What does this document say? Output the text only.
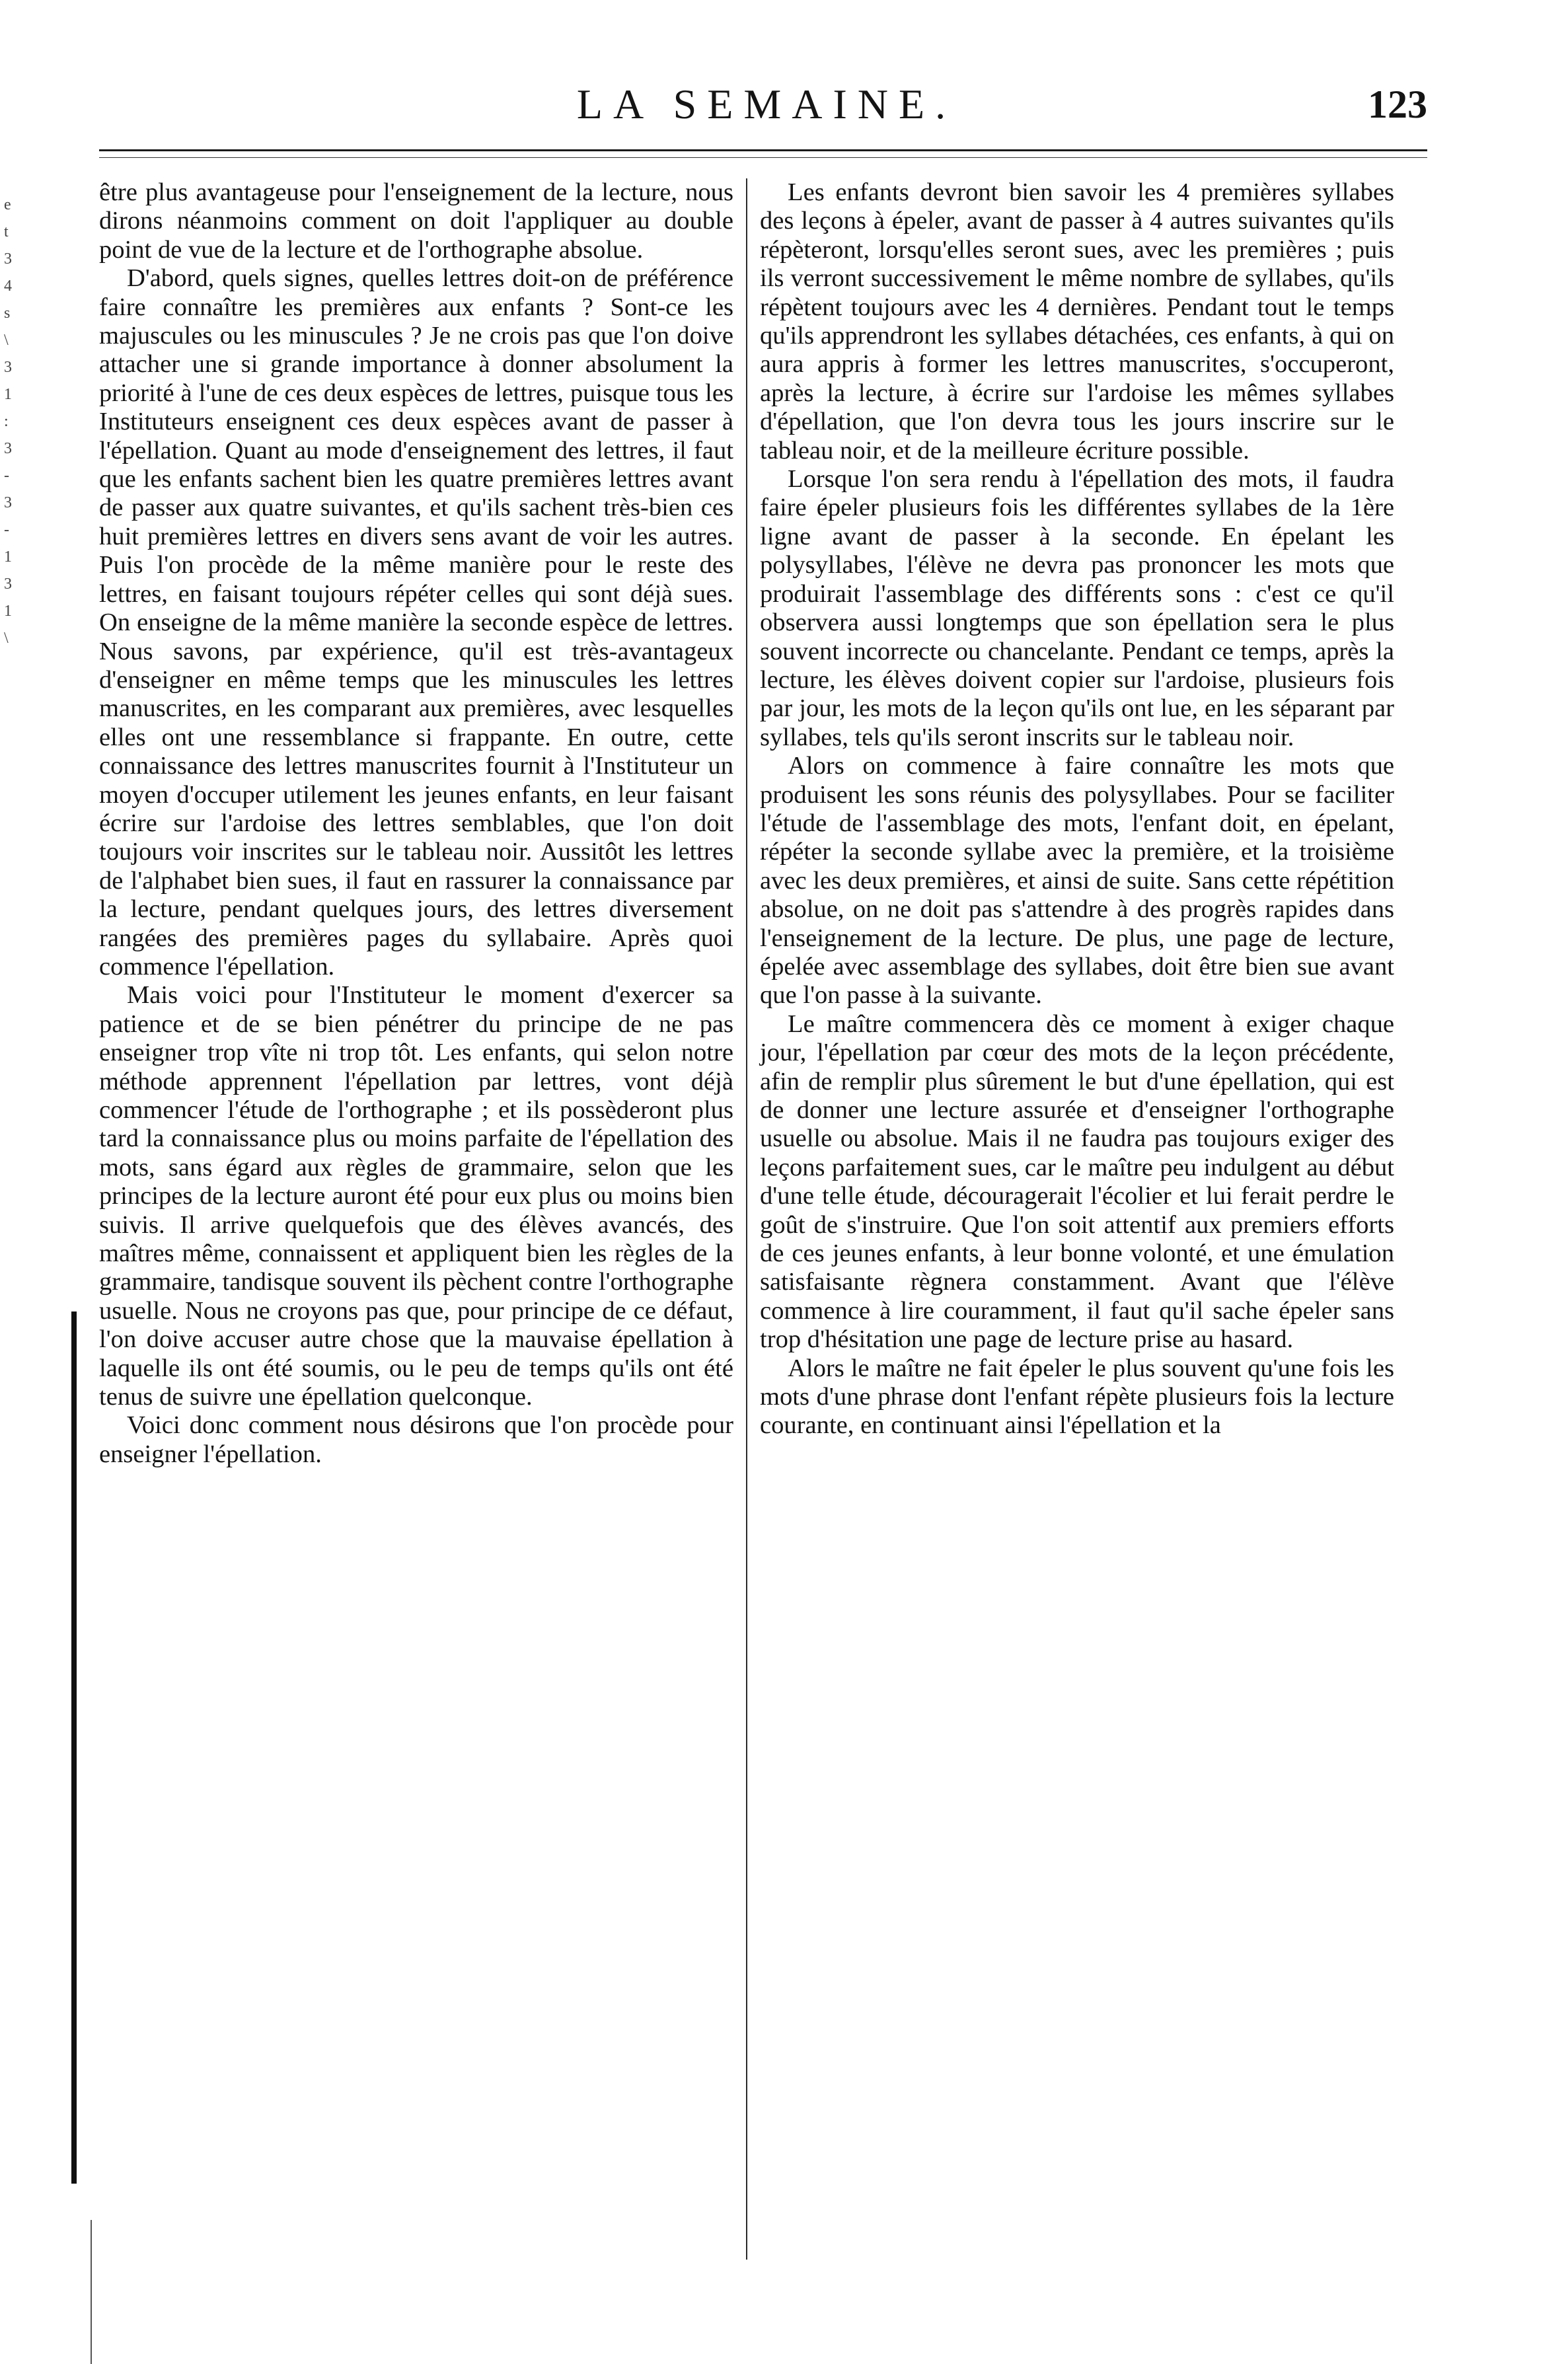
LA SEMAINE.	123
e
t
3
4
s
\
3
1
:
3
-
3
-
1
3
1
\

être plus avantageuse pour l'enseignement de la lecture, nous dirons néanmoins comment on doit l'appliquer au double point de vue de la lecture et de l'orthographe absolue.

D'abord, quels signes, quelles lettres doit-on de préférence faire connaître les premières aux enfants ? Sont-ce les majuscules ou les minuscules ? Je ne crois pas que l'on doive attacher une si grande importance à donner absolument la priorité à l'une de ces deux espèces de lettres, puisque tous les Instituteurs enseignent ces deux espèces avant de passer à l'épellation. Quant au mode d'enseignement des lettres, il faut que les enfants sachent bien les quatre premières lettres avant de passer aux quatre suivantes, et qu'ils sachent très-bien ces huit premières lettres en divers sens avant de voir les autres. Puis l'on procède de la même manière pour le reste des lettres, en faisant toujours répéter celles qui sont déjà sues. On enseigne de la même manière la seconde espèce de lettres. Nous savons, par expérience, qu'il est très-avantageux d'enseigner en même temps que les minuscules les lettres manuscrites, en les comparant aux premières, avec lesquelles elles ont une ressemblance si frappante. En outre, cette connaissance des lettres manuscrites fournit à l'Instituteur un moyen d'occuper utilement les jeunes enfants, en leur faisant écrire sur l'ardoise des lettres semblables, que l'on doit toujours voir inscrites sur le tableau noir. Aussitôt les lettres de l'alphabet bien sues, il faut en rassurer la connaissance par la lecture, pendant quelques jours, des lettres diversement rangées des premières pages du syllabaire. Après quoi commence l'épellation.

Mais voici pour l'Instituteur le moment d'exercer sa patience et de se bien pénétrer du principe de ne pas enseigner trop vîte ni trop tôt. Les enfants, qui selon notre méthode apprennent l'épellation par lettres, vont déjà commencer l'étude de l'orthographe ; et ils possèderont plus tard la connaissance plus ou moins parfaite de l'épellation des mots, sans égard aux règles de grammaire, selon que les principes de la lecture auront été pour eux plus ou moins bien suivis. Il arrive quelquefois que des élèves avancés, des maîtres même, connaissent et appliquent bien les règles de la grammaire, tandisque souvent ils pèchent contre l'orthographe usuelle. Nous ne croyons pas que, pour principe de ce défaut, l'on doive accuser autre chose que la mauvaise épellation à laquelle ils ont été soumis, ou le peu de temps qu'ils ont été tenus de suivre une épellation quelconque.

Voici donc comment nous désirons que l'on procède pour enseigner l'épellation.

Les enfants devront bien savoir les 4 premières syllabes des leçons à épeler, avant de passer à 4 autres suivantes qu'ils répèteront, lorsqu'elles seront sues, avec les premières ; puis ils verront successivement le même nombre de syllabes, qu'ils répètent toujours avec les 4 dernières. Pendant tout le temps qu'ils apprendront les syllabes détachées, ces enfants, à qui on aura appris à former les lettres manuscrites, s'occuperont, après la lecture, à écrire sur l'ardoise les mêmes syllabes d'épellation, que l'on devra tous les jours inscrire sur le tableau noir, et de la meilleure écriture possible.

Lorsque l'on sera rendu à l'épellation des mots, il faudra faire épeler plusieurs fois les différentes syllabes de la 1ère ligne avant de passer à la seconde. En épelant les polysyllabes, l'élève ne devra pas prononcer les mots que produirait l'assemblage des différents sons : c'est ce qu'il observera aussi longtemps que son épellation sera le plus souvent incorrecte ou chancelante. Pendant ce temps, après la lecture, les élèves doivent copier sur l'ardoise, plusieurs fois par jour, les mots de la leçon qu'ils ont lue, en les séparant par syllabes, tels qu'ils seront inscrits sur le tableau noir.

Alors on commence à faire connaître les mots que produisent les sons réunis des polysyllabes. Pour se faciliter l'étude de l'assemblage des mots, l'enfant doit, en épelant, répéter la seconde syllabe avec la première, et la troisième avec les deux premières, et ainsi de suite. Sans cette répétition absolue, on ne doit pas s'attendre à des progrès rapides dans l'enseignement de la lecture. De plus, une page de lecture, épelée avec assemblage des syllabes, doit être bien sue avant que l'on passe à la suivante.

Le maître commencera dès ce moment à exiger chaque jour, l'épellation par cœur des mots de la leçon précédente, afin de remplir plus sûrement le but d'une épellation, qui est de donner une lecture assurée et d'enseigner l'orthographe usuelle ou absolue. Mais il ne faudra pas toujours exiger des leçons parfaitement sues, car le maître peu indulgent au début d'une telle étude, découragerait l'écolier et lui ferait perdre le goût de s'instruire. Que l'on soit attentif aux premiers efforts de ces jeunes enfants, à leur bonne volonté, et une émulation satisfaisante règnera constamment. Avant que l'élève commence à lire couramment, il faut qu'il sache épeler sans trop d'hésitation une page de lecture prise au hasard.

Alors le maître ne fait épeler le plus souvent qu'une fois les mots d'une phrase dont l'enfant répète plusieurs fois la lecture courante, en continuant ainsi l'épellation et la
